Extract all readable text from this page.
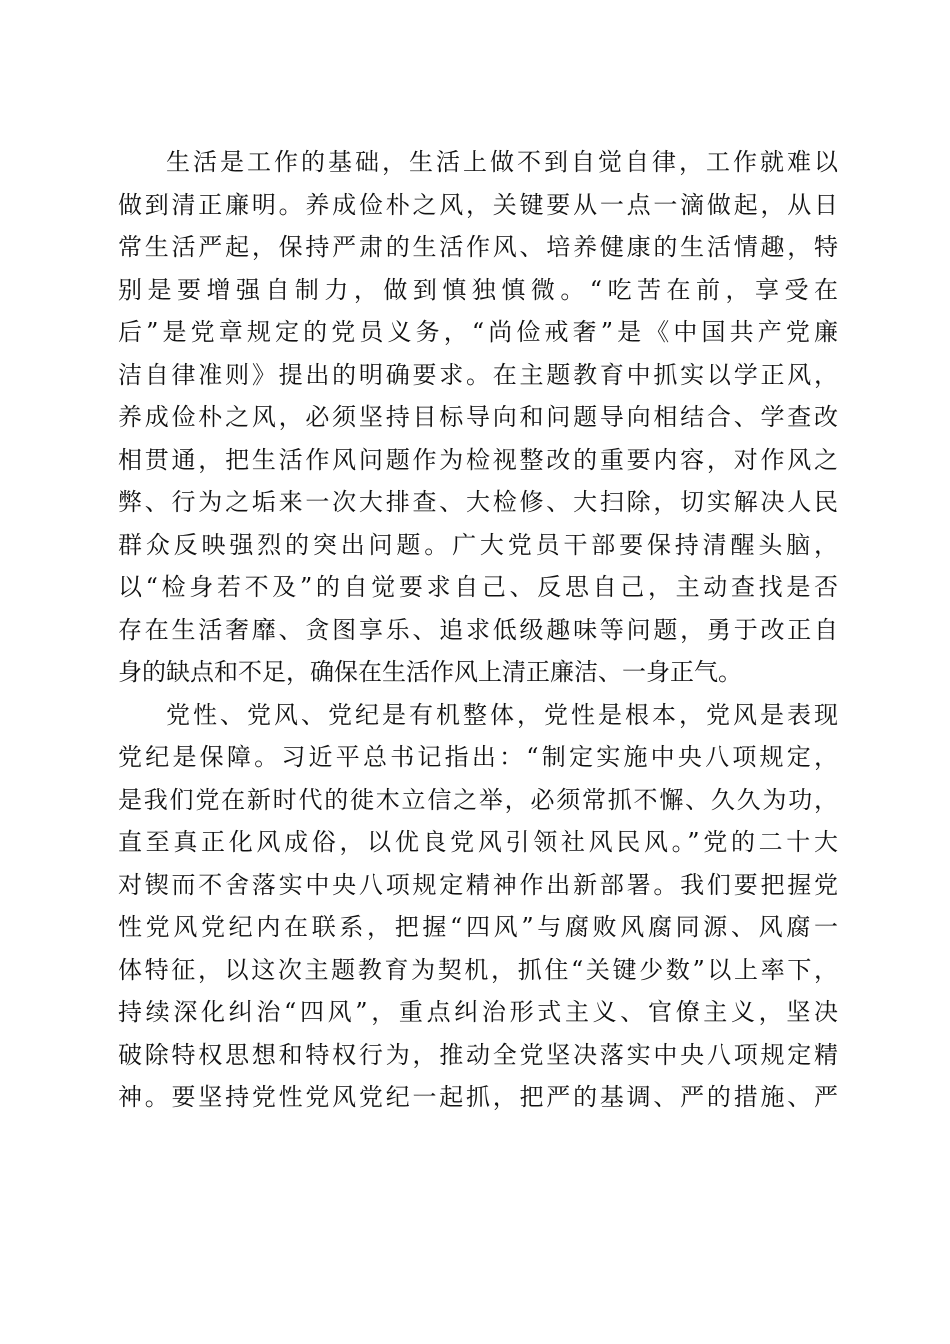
生活是工作的基础，生活上做不到自觉自律，工作就难以
做到清正廉明。养成俭朴之风，关键要从一点一滴做起，从日
常生活严起，保持严肃的生活作风、培养健康的生活情趣，特
别是要增强自制力，做到慎独慎微。“吃苦在前，享受在
后”是党章规定的党员义务，“尚俭戒奢”是《中国共产党廉
洁自律准则》提出的明确要求。在主题教育中抓实以学正风，
养成俭朴之风，必须坚持目标导向和问题导向相结合、学查改
相贯通，把生活作风问题作为检视整改的重要内容，对作风之
弊、行为之垢来一次大排查、大检修、大扫除，切实解决人民
群众反映强烈的突出问题。广大党员干部要保持清醒头脑，
以“检身若不及”的自觉要求自己、反思自己，主动查找是否
存在生活奢靡、贪图享乐、追求低级趣味等问题，勇于改正自
身的缺点和不足，确保在生活作风上清正廉洁、一身正气。
党性、党风、党纪是有机整体，党性是根本，党风是表现
党纪是保障。习近平总书记指出：“制定实施中央八项规定，
是我们党在新时代的徙木立信之举，必须常抓不懈、久久为功，
直至真正化风成俗，以优良党风引领社风民风。”党的二十大
对锲而不舍落实中央八项规定精神作出新部署。我们要把握党
性党风党纪内在联系，把握“四风”与腐败风腐同源、风腐一
体特征，以这次主题教育为契机，抓住“关键少数”以上率下，
持续深化纠治“四风”，重点纠治形式主义、官僚主义，坚决
破除特权思想和特权行为，推动全党坚决落实中央八项规定精
神。要坚持党性党风党纪一起抓，把严的基调、严的措施、严
